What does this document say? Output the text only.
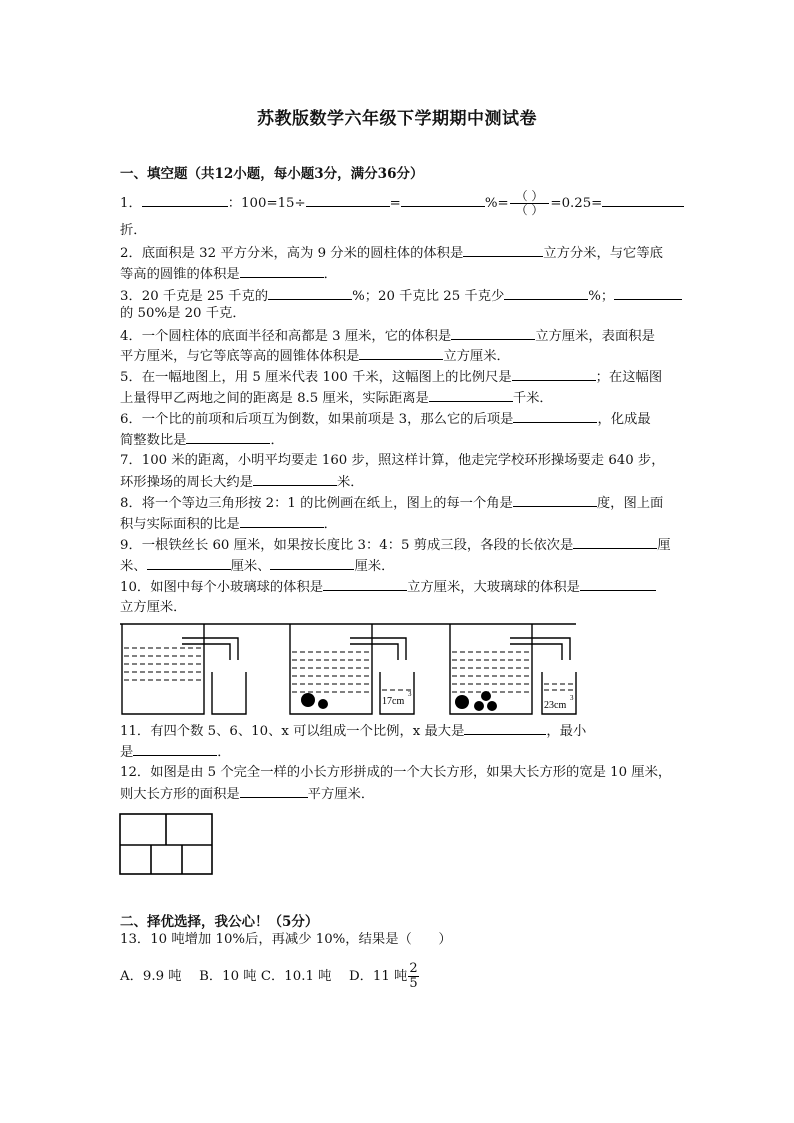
苏教版数学六年级下学期期中测试卷
一、填空题（共12小题，每小题3分，满分36分）
1．	：100=15÷	=	%= $\frac{( )}{( )} =0.25=$
折．
2．底面积是 32 平方分米，高为 9 分米的圆柱体的体积是	立方分米，与它等底
等高的圆锥的体积是	．
3．20 千克是 25 千克的	%；20 千克比 25 千克少	%；
的 50%是 20 千克．
4．一个圆柱体的底面半径和高都是 3 厘米，它的体积是	立方厘米，表面积是
平方厘米，与它等底等高的圆锥体体积是	立方厘米．
5．在一幅地图上，用 5 厘米代表 100 千米，这幅图上的比例尺是	；在这幅图
上量得甲乙两地之间的距离是 8.5 厘米，实际距离是	千米．
6．一个比的前项和后项互为倒数，如果前项是 3，那么它的后项是	，化成最
简整数比是	．
7．100 米的距离，小明平均要走 160 步，照这样计算，他走完学校环形操场要走 640 步，
环形操场的周长大约是	米．
8．将一个等边三角形按 2：1 的比例画在纸上，图上的每一个角是	度，图上面
积与实际面积的比是	．
9．一根铁丝长 60 厘米，如果按长度比 3：4：5 剪成三段，各段的长依次是	厘
米、	厘米、	厘米．
10．如图中每个小玻璃球的体积是	立方厘米，大玻璃球的体积是
立方厘米．
17cm
3
23cm
3
11．有四个数 5、6、10、x 可以组成一个比例，x 最大是	，最小
是	．
12．如图是由 5 个完全一样的小长方形拼成的一个大长方形，如果大长方形的宽是 10 厘米，
则大长方形的面积是	平方厘米．
二、择优选择，我公心！（5分）
13．10 吨增加 10%后，再减少 10%，结果是（　　）
A．9.9 吨　 B．10 吨 C．10.1 吨　 D．11 吨 $\frac{2}{5}$
